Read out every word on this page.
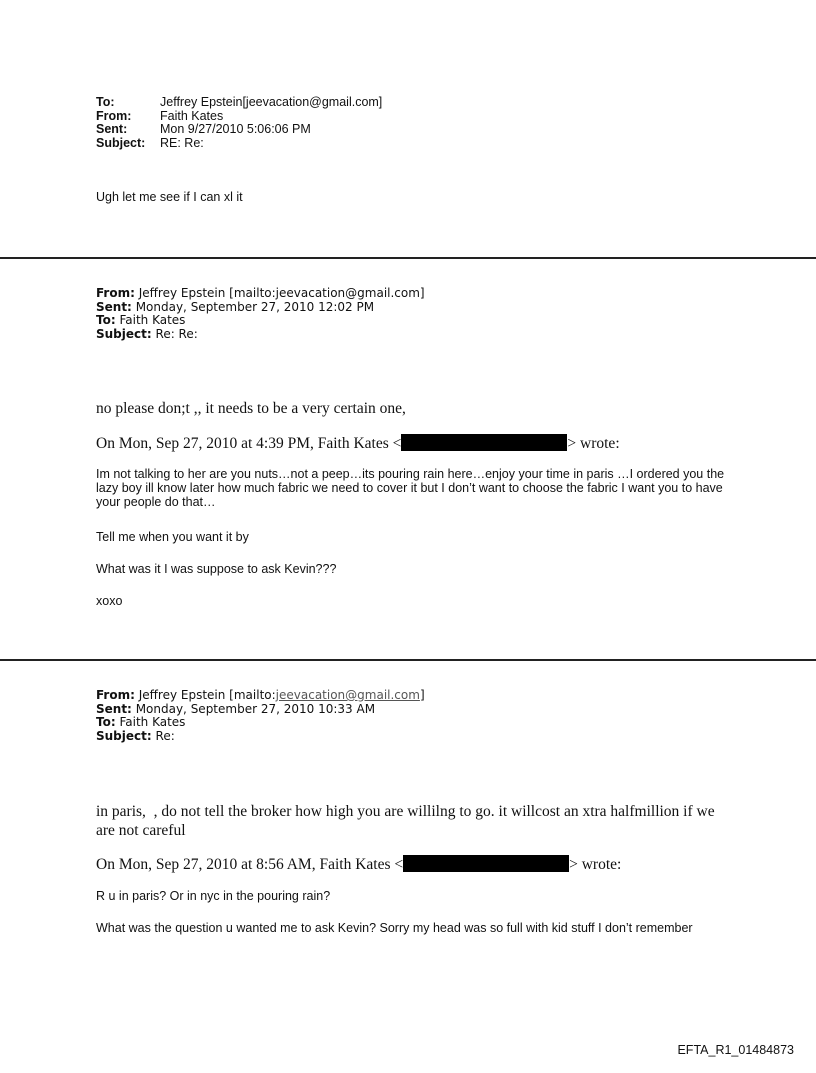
To:	Jeffrey Epstein[jeevacation@gmail.com]
From:	Faith Kates
Sent:	Mon 9/27/2010 5:06:06 PM
Subject:	RE: Re:
Ugh let me see if I can xl it
From: Jeffrey Epstein [mailto:jeevacation@gmail.com]
Sent: Monday, September 27, 2010 12:02 PM
To: Faith Kates
Subject: Re: Re:
no please don;t ,, it needs to be a very certain one,
On Mon, Sep 27, 2010 at 4:39 PM, Faith Kates <	> wrote:
Im not talking to her are you nuts…not a peep…its pouring rain here…enjoy your time in paris …I ordered you the lazy boy ill know later how much fabric we need to cover it but I don’t want to choose the fabric I want you to have your people do that…
Tell me when you want it by
What was it I was suppose to ask Kevin???
xoxo
From: Jeffrey Epstein [mailto:jeevacation@gmail.com]
Sent: Monday, September 27, 2010 10:33 AM
To: Faith Kates
Subject: Re:
in paris,  , do not tell the broker how high you are willilng to go. it willcost an xtra halfmillion if we are not careful
On Mon, Sep 27, 2010 at 8:56 AM, Faith Kates <	> wrote:
R u in paris? Or in nyc in the pouring rain?
What was the question u wanted me to ask Kevin? Sorry my head was so full with kid stuff I don’t remember
EFTA_R1_01484873
